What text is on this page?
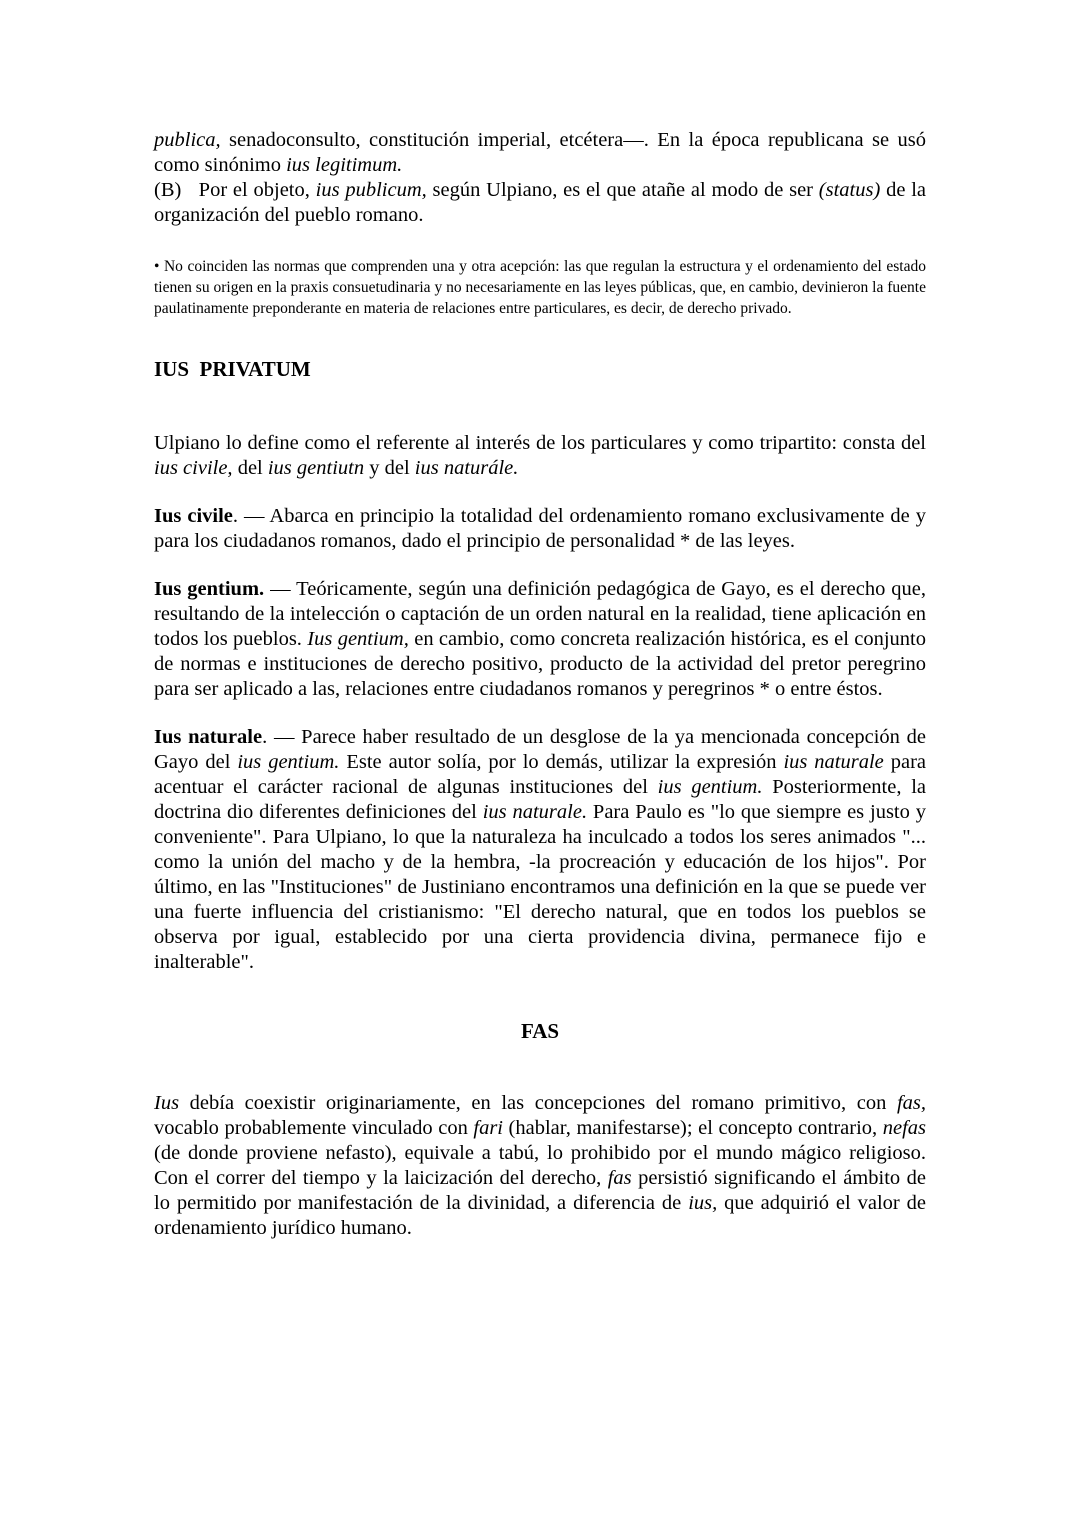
publica, senadoconsulto, constitución imperial, etcétera—. En la época republicana se usó como sinónimo ius legitimum.

(B)   Por el objeto, ius publicum, según Ulpiano, es el que atañe al modo de ser (status) de la organización del pueblo romano.

• No coinciden las normas que comprenden una y otra acepción: las que regulan la estructura y el ordenamiento del estado tienen su origen en la praxis consuetudinaria y no necesariamente en las leyes públicas, que, en cambio, devinieron la fuente paulatinamente preponderante en materia de relaciones entre particulares, es decir, de derecho privado.

IUS  PRIVATUM

Ulpiano lo define como el referente al interés de los particulares y como tripartito: consta del ius civile, del ius gentiutn y del ius naturále.

Ius civile. — Abarca en principio la totalidad del ordenamiento romano exclusivamente de y para los ciudadanos romanos, dado el principio de personalidad * de las leyes.

Ius gentium. — Teóricamente, según una definición pedagógica de Gayo, es el derecho que, resultando de la intelección o captación de un orden natural en la realidad, tiene aplicación en todos los pueblos. Ius gentium, en cambio, como concreta realización histórica, es el conjunto de normas e instituciones de derecho positivo, producto de la actividad del pretor peregrino para ser aplicado a las, relaciones entre ciudadanos romanos y peregrinos * o entre éstos.

Ius naturale. — Parece haber resultado de un desglose de la ya mencionada concepción de Gayo del ius gentium. Este autor solía, por lo demás, utilizar la expresión ius naturale para acentuar el carácter racional de algunas instituciones del ius gentium. Posteriormente, la doctrina dio diferentes definiciones del ius naturale. Para Paulo es "lo que siempre es justo y conveniente". Para Ulpiano, lo que la naturaleza ha inculcado a todos los seres animados "... como la unión del macho y de la hembra, -la procreación y educación de los hijos". Por último, en las "Instituciones" de Justiniano encontramos una definición en la que se puede ver una fuerte influencia del cristianismo: "El derecho natural, que en todos los pueblos se observa por igual, establecido por una cierta providencia divina, permanece fijo e inalterable".

FAS

Ius debía coexistir originariamente, en las concepciones del romano primitivo, con fas, vocablo probablemente vinculado con fari (hablar, manifestarse); el concepto contrario, nefas (de donde proviene nefasto), equivale a tabú, lo prohibido por el mundo mágico religioso. Con el correr del tiempo y la laicización del derecho, fas persistió significando el ámbito de lo permitido por manifestación de la divinidad, a diferencia de ius, que adquirió el valor de ordenamiento jurídico humano.
